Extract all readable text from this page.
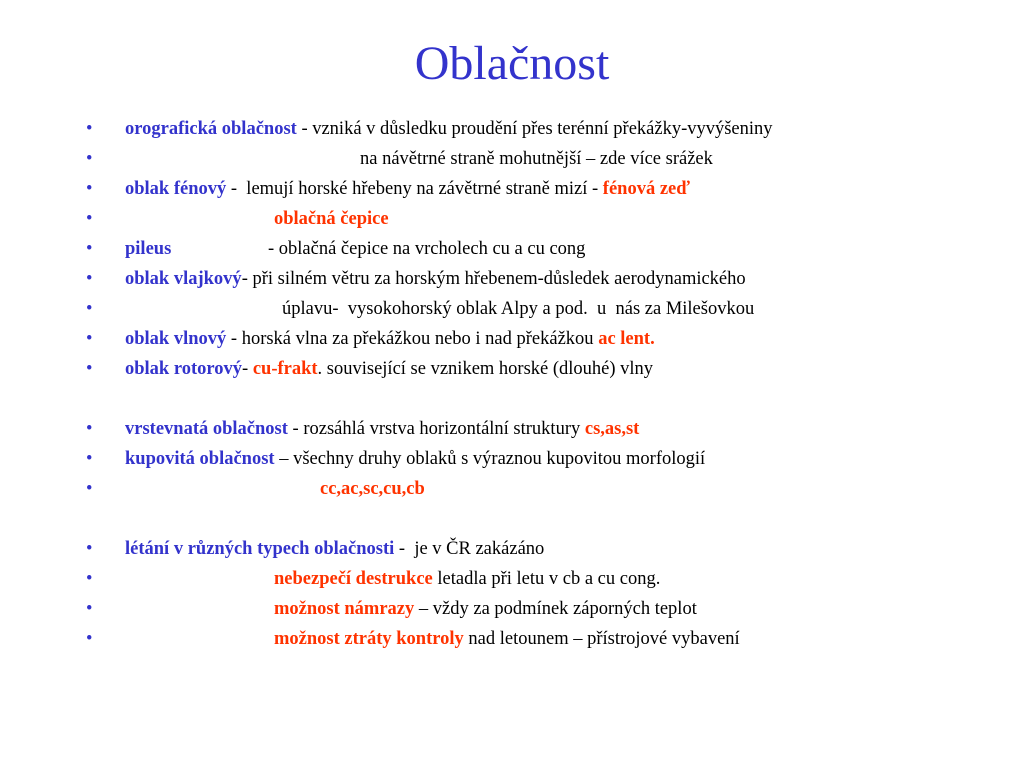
Oblačnost
• orografická oblačnost - vzniká v důsledku proudění přes terénní překážky-vyvýšeniny
•	na návětrné straně mohutnější – zde více srážek
• oblak fénový -  lemují horské hřebeny na závětrné straně mizí - fénová zeď
•	oblačná čepice
• pileus	- oblačná čepice na vrcholech cu a cu cong
• oblak vlajkový- při silném větru za horským hřebenem-důsledek aerodynamického
•	úplavu-  vysokohorský oblak Alpy a pod.  u  nás za Milešovkou
• oblak vlnový - horská vlna za překážkou nebo i nad překážkou ac lent.
• oblak rotorový- cu-frakt. související se vznikem horské (dlouhé) vlny
• vrstevnatá oblačnost - rozsáhlá vrstva horizontální struktury cs,as,st
• kupovitá oblačnost – všechny druhy oblaků s výraznou kupovitou morfologií
•	cc,ac,sc,cu,cb
• létání v různých typech oblačnosti -  je v ČR zakázáno
•	nebezpečí destrukce letadla při letu v cb a cu cong.
•	možnost námrazy – vždy za podmínek záporných teplot
•	možnost ztráty kontroly nad letounem – přístrojové vybavení
